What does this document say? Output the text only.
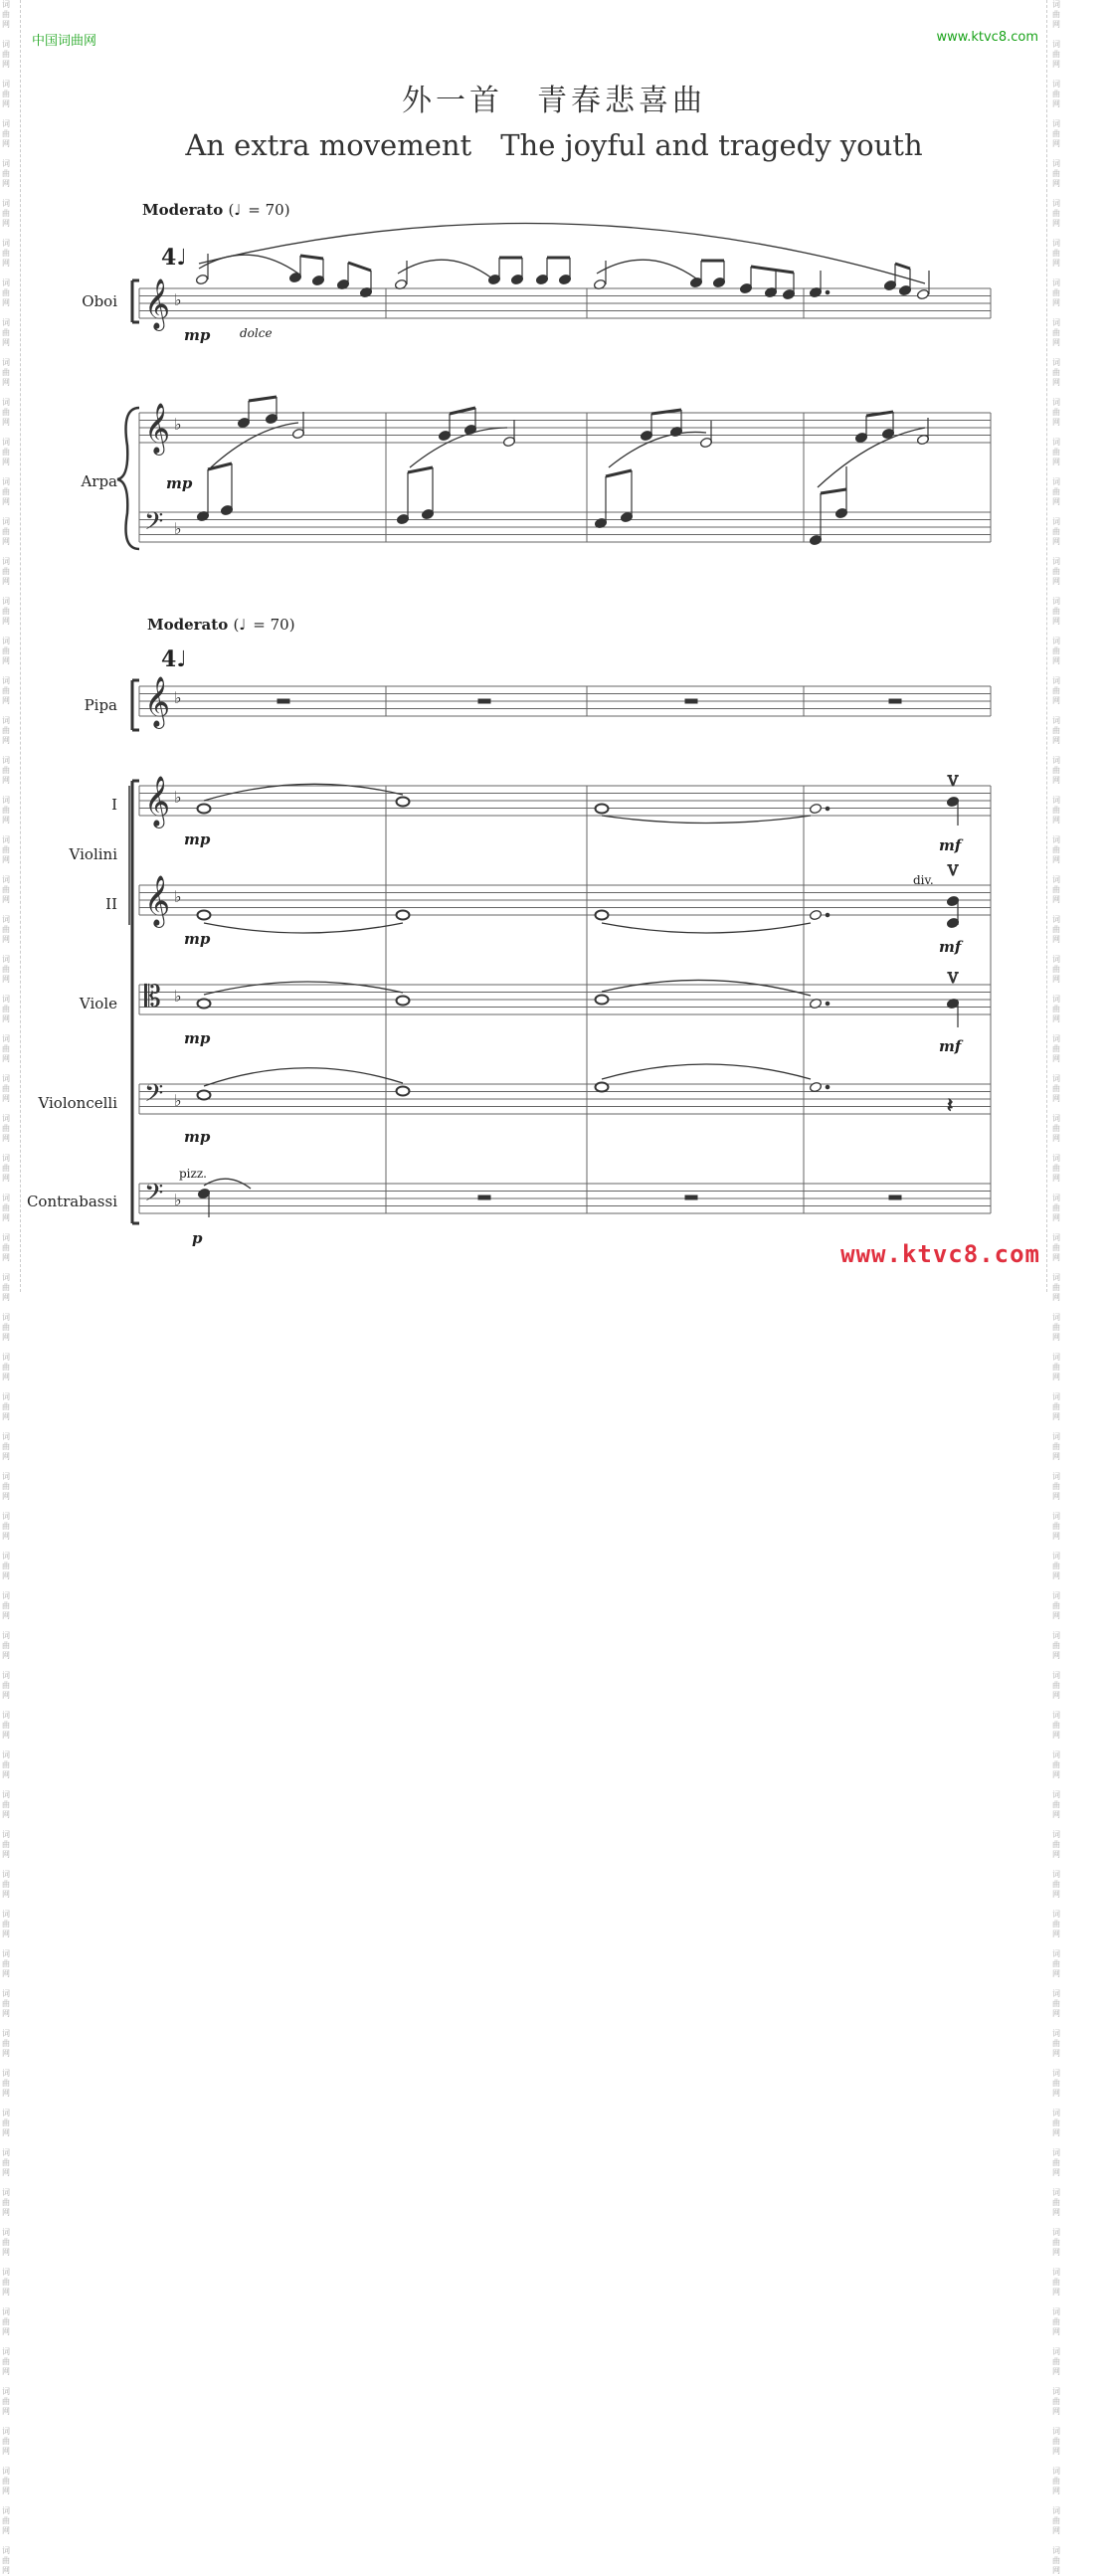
词
曲
网

词
曲
网

词
曲
网

词
曲
网

词
曲
网

词
曲
网

词
曲
网

词
曲
网

词
曲
网

词
曲
网

词
曲
网

词
曲
网

词
曲
网

词
曲
网

词
曲
网

词
曲
网

词
曲
网

词
曲
网

词
曲
网

词
曲
网

词
曲
网

词
曲
网

词
曲
网

词
曲
网

词
曲
网

词
曲
网

词
曲
网

词
曲
网

词
曲
网

词
曲
网

词
曲
网

词
曲
网

词
曲
网

词
曲
网

词
曲
网

词
曲
网

词
曲
网

词
曲
网

词
曲
网

词
曲
网

词
曲
网

词
曲
网

词
曲
网

词
曲
网

词
曲
网

词
曲
网

词
曲
网

词
曲
网

词
曲
网

词
曲
网

词
曲
网

词
曲
网

词
曲
网

词
曲
网

词
曲
网

词
曲
网

词
曲
网

词
曲
网

词
曲
网

词
曲
网

词
曲
网

词
曲
网

词
曲
网

词
曲
网

词
曲
网

词
曲
网

词
曲
网

词
曲
网

词
曲
网

词
曲
网

词
曲
网

词
曲
网

词
曲
网

词
曲
网

词
曲
网

词
曲
网

词
曲
网

词
曲
网

词
曲
网

词
曲
网

词
曲
网

词
曲
网

词
曲
网

词
曲
网

词
曲
网

词
曲
网

词
曲
网

词
曲
网

词
曲
网

词
曲
网

词
曲
网

词
曲
网

词
曲
网

词
曲
网

词
曲
网

词
曲
网

词
曲
网

词
曲
网

词
曲
网

词
曲
网

词
曲
网

词
曲
网

词
曲
网

词
曲
网

词
曲
网

词
曲
网

词
曲
网

词
曲
网

词
曲
网

词
曲
网

词
曲
网

词
曲
网

词
曲
网

词
曲
网

词
曲
网

词
曲
网

词
曲
网

词
曲
网

词
曲
网

词
曲
网

词
曲
网

词
曲
网

词
曲
网

词
曲
网

词
曲
网

词
曲
网

词
曲
网

词
曲
网

词
曲
网

词
曲
网

中国词曲网	www.ktvc8.com
外一首　青春悲喜曲
An extra movement　The joyful and tragedy youth
Moderato (♩ = 70)
Moderato (♩ = 70)
4♩
4♩
Oboi
Arpa
Pipa
I
Violini
II
Viole
Violoncelli
Contrabassi
mp dolce
mp
mp	mf
div.
mp	mf
mp	mf
mp
pizz.
p
V
V
V
𝄽
𝄞 ♭
𝄞 ♭
𝄢 ♭
𝄞 ♭
𝄞 ♭
𝄞 ♭
𝄡 ♭
𝄢 ♭
𝄢 ♭
www.ktvc8.com
